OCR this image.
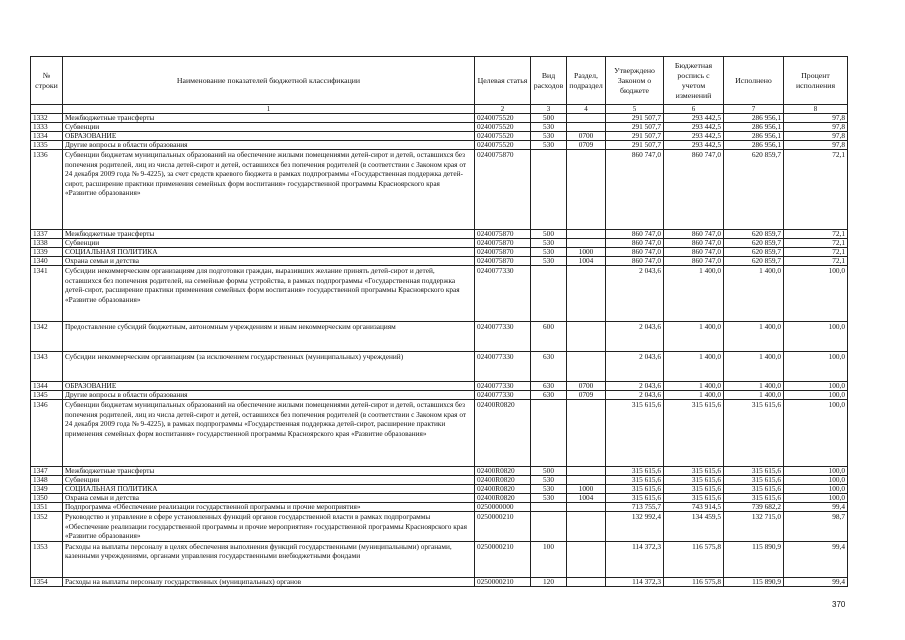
№ строки	Наименование показателей бюджетной классификации	Целевая статья	Вид расходов	Раздел, подраздел	Утверждено Законом о бюджете	Бюджетная роспись с учетом изменений	Исполнено	Процент исполнения
	1	2	3	4	5	6	7	8
1332	Межбюджетные трансферты	0240075520	500		291 507,7	293 442,5	286 956,1	97,8
1333	Субвенции	0240075520	530		291 507,7	293 442,5	286 956,1	97,8
1334	ОБРАЗОВАНИЕ	0240075520	530	0700	291 507,7	293 442,5	286 956,1	97,8
1335	Другие вопросы в области образования	0240075520	530	0709	291 507,7	293 442,5	286 956,1	97,8
1336	Субвенции бюджетам муниципальных образований на обеспечение жилыми помещениями детей-сирот и детей, оставшихся без попечения родителей, лиц из числа детей-сирот и детей, оставшихся без попечения родителей (в соответствии с Законом края от 24 декабря 2009 года № 9-4225), за счет средств краевого бюджета в рамках подпрограммы «Государственная поддержка детей-сирот, расширение практики применения семейных форм воспитания» государственной программы Красноярского края «Развитие образования»	0240075870			860 747,0	860 747,0	620 859,7	72,1
1337	Межбюджетные трансферты	0240075870	500		860 747,0	860 747,0	620 859,7	72,1
1338	Субвенции	0240075870	530		860 747,0	860 747,0	620 859,7	72,1
1339	СОЦИАЛЬНАЯ ПОЛИТИКА	0240075870	530	1000	860 747,0	860 747,0	620 859,7	72,1
1340	Охрана семьи и детства	0240075870	530	1004	860 747,0	860 747,0	620 859,7	72,1
1341	Субсидии некоммерческим организациям для подготовки граждан, выразивших желание принять детей-сирот и детей, оставшихся без попечения родителей, на семейные формы устройства, в рамках подпрограммы «Государственная поддержка детей-сирот, расширение практики применения семейных форм воспитания» государственной программы Красноярского края «Развитие образования»	0240077330			2 043,6	1 400,0	1 400,0	100,0
1342	Предоставление субсидий бюджетным, автономным учреждениям и иным некоммерческим организациям	0240077330	600		2 043,6	1 400,0	1 400,0	100,0
1343	Субсидии некоммерческим организациям (за исключением государственных (муниципальных) учреждений)	0240077330	630		2 043,6	1 400,0	1 400,0	100,0
1344	ОБРАЗОВАНИЕ	0240077330	630	0700	2 043,6	1 400,0	1 400,0	100,0
1345	Другие вопросы в области образования	0240077330	630	0709	2 043,6	1 400,0	1 400,0	100,0
1346	Субвенции бюджетам муниципальных образований на обеспечение жилыми помещениями детей-сирот и детей, оставшихся без попечения родителей, лиц из числа детей-сирот и детей, оставшихся без попечения родителей (в соответствии с Законом края от 24 декабря 2009 года № 9-4225), в рамках подпрограммы «Государственная поддержка детей-сирот, расширение практики применения семейных форм воспитания» государственной программы Красноярского края «Развитие образования»	02400R0820			315 615,6	315 615,6	315 615,6	100,0
1347	Межбюджетные трансферты	02400R0820	500		315 615,6	315 615,6	315 615,6	100,0
1348	Субвенции	02400R0820	530		315 615,6	315 615,6	315 615,6	100,0
1349	СОЦИАЛЬНАЯ ПОЛИТИКА	02400R0820	530	1000	315 615,6	315 615,6	315 615,6	100,0
1350	Охрана семьи и детства	02400R0820	530	1004	315 615,6	315 615,6	315 615,6	100,0
1351	Подпрограмма «Обеспечение реализации государственной программы и прочие мероприятия»	0250000000			713 755,7	743 914,5	739 682,2	99,4
1352	Руководство и управление в сфере установленных функций органов государственной власти в рамках подпрограммы «Обеспечение реализации государственной программы и прочие мероприятия» государственной программы Красноярского края «Развитие образования»	0250000210			132 992,4	134 459,5	132 715,0	98,7
1353	Расходы на выплаты персоналу в целях обеспечения выполнения функций государственными (муниципальными) органами, казенными учреждениями, органами управления государственными внебюджетными фондами	0250000210	100		114 372,3	116 575,8	115 890,9	99,4
1354	Расходы на выплаты персоналу государственных (муниципальных) органов	0250000210	120		114 372,3	116 575,8	115 890,9	99,4
370
